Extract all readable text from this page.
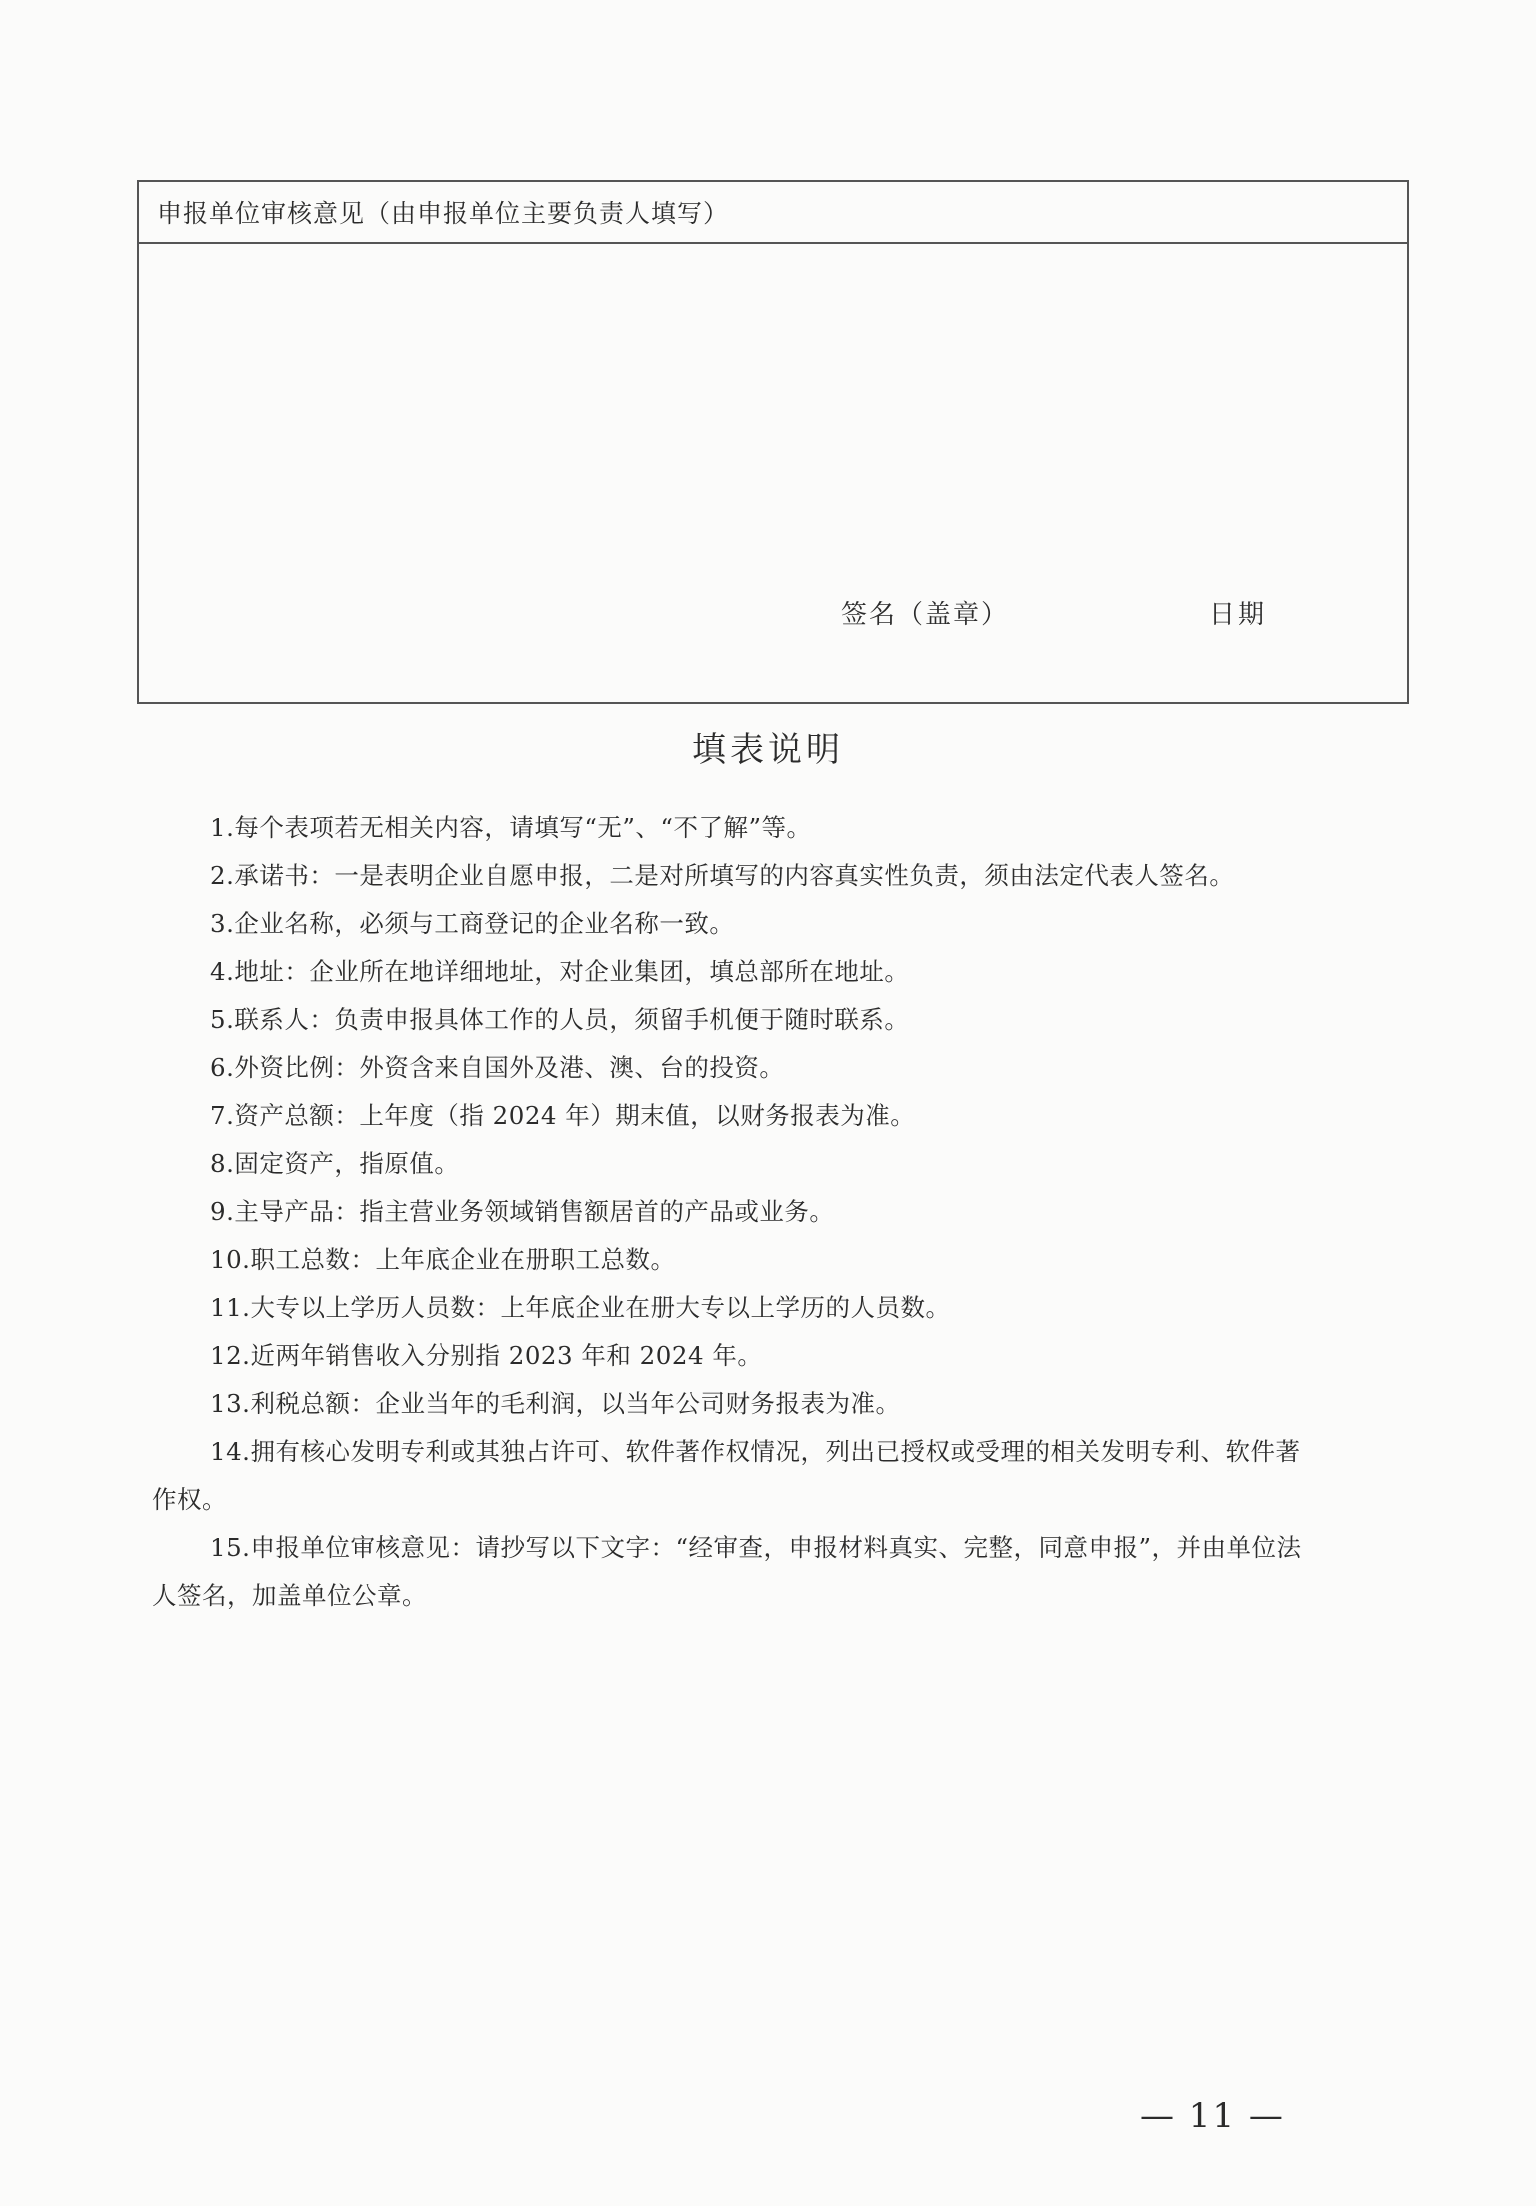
申报单位审核意见（由申报单位主要负责人填写）
签名（盖章）	日期
填表说明
1.每个表项若无相关内容，请填写“无”、“不了解”等。
2.承诺书：一是表明企业自愿申报，二是对所填写的内容真实性负责，须由法定代表人签名。
3.企业名称，必须与工商登记的企业名称一致。
4.地址：企业所在地详细地址，对企业集团，填总部所在地址。
5.联系人：负责申报具体工作的人员，须留手机便于随时联系。
6.外资比例：外资含来自国外及港、澳、台的投资。
7.资产总额：上年度（指 2024 年）期末值，以财务报表为准。
8.固定资产，指原值。
9.主导产品：指主营业务领域销售额居首的产品或业务。
10.职工总数：上年底企业在册职工总数。
11.大专以上学历人员数：上年底企业在册大专以上学历的人员数。
12.近两年销售收入分别指 2023 年和 2024 年。
13.利税总额：企业当年的毛利润，以当年公司财务报表为准。
14.拥有核心发明专利或其独占许可、软件著作权情况，列出已授权或受理的相关发明专利、软件著作权。
15.申报单位审核意见：请抄写以下文字：“经审查，申报材料真实、完整，同意申报”，并由单位法人签名，加盖单位公章。
— 11 —
